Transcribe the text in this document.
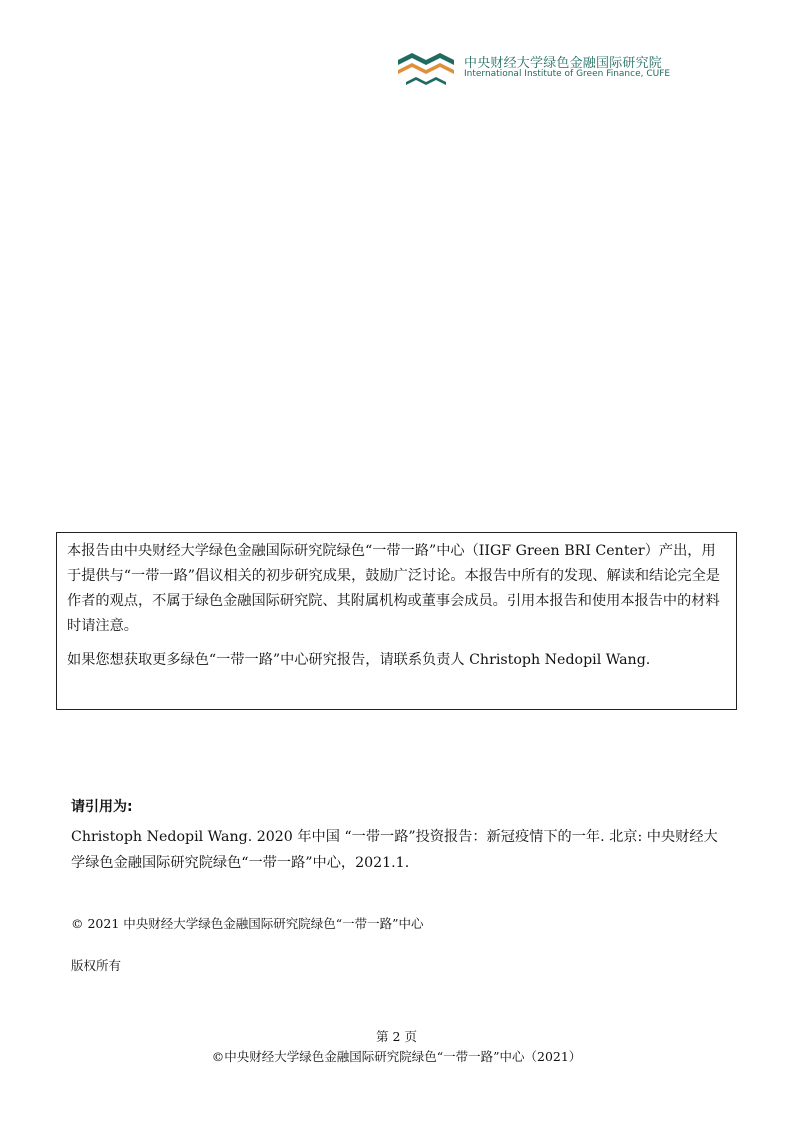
中央财经大学绿色金融国际研究院
International Institute of Green Finance, CUFE

本报告由中央财经大学绿色金融国际研究院绿色“一带一路”中心（IIGF Green BRI Center）产出，用于提供与“一带一路”倡议相关的初步研究成果，鼓励广泛讨论。本报告中所有的发现、解读和结论完全是作者的观点，不属于绿色金融国际研究院、其附属机构或董事会成员。引用本报告和使用本报告中的材料时请注意。

如果您想获取更多绿色“一带一路”中心研究报告，请联系负责人 Christoph Nedopil Wang.

请引用为:

Christoph Nedopil Wang. 2020 年中国 “一带一路”投资报告：新冠疫情下的一年. 北京: 中央财经大学绿色金融国际研究院绿色“一带一路”中心，2021.1.

© 2021 中央财经大学绿色金融国际研究院绿色“一带一路”中心
版权所有
第 2 页
©中央财经大学绿色金融国际研究院绿色“一带一路”中心（2021）
